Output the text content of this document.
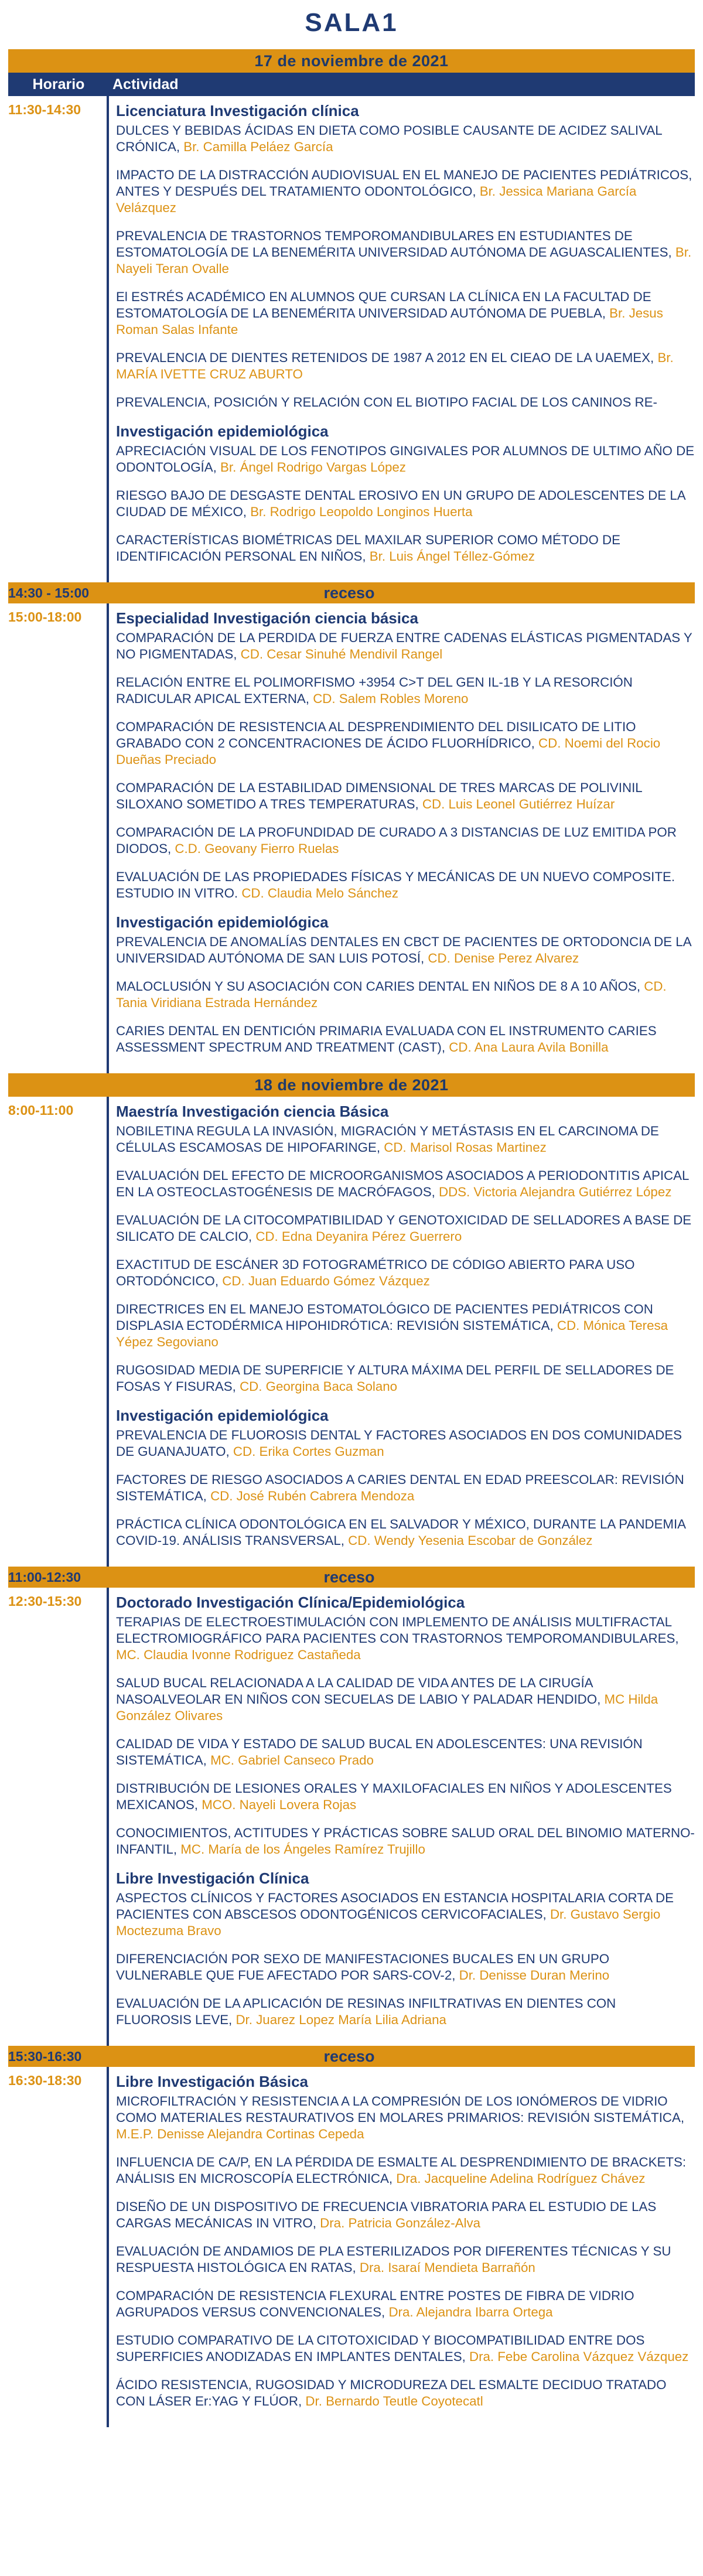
SALA1
17 de noviembre de 2021
Horario	Actividad
11:30-14:30	Licenciatura Investigación clínica
DULCES Y BEBIDAS ÁCIDAS EN DIETA COMO POSIBLE CAUSANTE DE ACIDEZ SALIVAL CRÓNICA, Br. Camilla Peláez García
IMPACTO DE LA DISTRACCIÓN AUDIOVISUAL EN EL MANEJO DE PACIENTES PEDIÁTRICOS, ANTES Y DESPUÉS DEL TRATAMIENTO ODONTOLÓGICO, Br. Jessica Mariana García Velázquez
PREVALENCIA DE TRASTORNOS TEMPOROMANDIBULARES EN ESTUDIANTES DE ESTOMATOLOGÍA DE LA BENEMÉRITA UNIVERSIDAD AUTÓNOMA DE AGUASCALIENTES, Br. Nayeli Teran Ovalle
El ESTRÉS ACADÉMICO EN ALUMNOS QUE CURSAN LA CLÍNICA EN LA FACULTAD DE ESTOMATOLOGÍA DE LA BENEMÉRITA UNIVERSIDAD AUTÓNOMA DE PUEBLA, Br. Jesus Roman Salas Infante
PREVALENCIA DE DIENTES RETENIDOS DE 1987 A 2012 EN EL CIEAO DE LA UAEMEX, Br. MARÍA IVETTE CRUZ ABURTO
PREVALENCIA, POSICIÓN Y RELACIÓN CON EL BIOTIPO FACIAL DE LOS CANINOS RE-
Investigación epidemiológica
APRECIACIÓN VISUAL DE LOS FENOTIPOS GINGIVALES POR ALUMNOS DE ULTIMO AÑO DE ODONTOLOGÍA, Br. Ángel Rodrigo Vargas López
RIESGO BAJO DE DESGASTE DENTAL EROSIVO EN UN GRUPO DE ADOLESCENTES DE LA CIUDAD DE MÉXICO, Br. Rodrigo Leopoldo Longinos Huerta
CARACTERÍSTICAS BIOMÉTRICAS DEL MAXILAR SUPERIOR COMO MÉTODO DE IDENTIFICACIÓN PERSONAL EN NIÑOS, Br. Luis Ángel Téllez-Gómez
14:30 - 15:00	receso
15:00-18:00	Especialidad Investigación ciencia básica
COMPARACIÓN DE LA PERDIDA DE FUERZA ENTRE CADENAS ELÁSTICAS PIGMENTADAS Y NO PIGMENTADAS, CD. Cesar Sinuhé Mendivil Rangel
RELACIÓN ENTRE EL POLIMORFISMO +3954 C>T DEL GEN IL-1B Y LA RESORCIÓN RADICULAR APICAL EXTERNA, CD. Salem Robles Moreno
COMPARACIÓN DE RESISTENCIA AL DESPRENDIMIENTO DEL DISILICATO DE LITIO GRABADO CON 2 CONCENTRACIONES DE ÁCIDO FLUORHÍDRICO, CD. Noemi del Rocio Dueñas Preciado
COMPARACIÓN DE LA ESTABILIDAD DIMENSIONAL DE TRES MARCAS DE POLIVINIL SILOXANO SOMETIDO A TRES TEMPERATURAS, CD. Luis Leonel Gutiérrez Huízar
COMPARACIÓN DE LA PROFUNDIDAD DE CURADO A 3 DISTANCIAS DE LUZ EMITIDA POR DIODOS, C.D. Geovany Fierro Ruelas
EVALUACIÓN DE LAS PROPIEDADES FÍSICAS Y MECÁNICAS DE UN NUEVO COMPOSITE. ESTUDIO IN VITRO. CD. Claudia Melo Sánchez
Investigación epidemiológica
PREVALENCIA DE ANOMALÍAS DENTALES EN CBCT DE PACIENTES DE ORTODONCIA DE LA UNIVERSIDAD AUTÓNOMA DE SAN LUIS POTOSÍ, CD. Denise Perez Alvarez
MALOCLUSIÓN Y SU ASOCIACIÓN CON CARIES DENTAL EN NIÑOS DE 8 A 10 AÑOS, CD. Tania Viridiana Estrada Hernández
CARIES DENTAL EN DENTICIÓN PRIMARIA EVALUADA CON EL INSTRUMENTO CARIES ASSESSMENT SPECTRUM AND TREATMENT (CAST), CD. Ana Laura Avila Bonilla
18 de noviembre de 2021
8:00-11:00	Maestría Investigación ciencia Básica
NOBILETINA REGULA LA INVASIÓN, MIGRACIÓN Y METÁSTASIS EN EL CARCINOMA DE CÉLULAS ESCAMOSAS DE HIPOFARINGE, CD. Marisol Rosas Martinez
EVALUACIÓN DEL EFECTO DE MICROORGANISMOS ASOCIADOS A PERIODONTITIS APICAL EN LA OSTEOCLASTOGÉNESIS DE MACRÓFAGOS, DDS. Victoria Alejandra Gutiérrez López
EVALUACIÓN DE LA CITOCOMPATIBILIDAD Y GENOTOXICIDAD DE SELLADORES A BASE DE SILICATO DE CALCIO, CD. Edna Deyanira Pérez Guerrero
EXACTITUD DE ESCÁNER 3D FOTOGRAMÉTRICO DE CÓDIGO ABIERTO PARA USO ORTODÓNCICO, CD. Juan Eduardo Gómez Vázquez
DIRECTRICES EN EL MANEJO ESTOMATOLÓGICO DE PACIENTES PEDIÁTRICOS CON DISPLASIA ECTODÉRMICA HIPOHIDRÓTICA: REVISIÓN SISTEMÁTICA, CD. Mónica Teresa Yépez Segoviano
RUGOSIDAD MEDIA DE SUPERFICIE Y ALTURA MÁXIMA DEL PERFIL DE SELLADORES DE FOSAS Y FISURAS, CD. Georgina Baca Solano
Investigación epidemiológica
PREVALENCIA DE FLUOROSIS DENTAL Y FACTORES ASOCIADOS EN DOS COMUNIDADES DE GUANAJUATO, CD. Erika Cortes Guzman
FACTORES DE RIESGO ASOCIADOS A CARIES DENTAL EN EDAD PREESCOLAR: REVISIÓN SISTEMÁTICA, CD. José Rubén Cabrera Mendoza
PRÁCTICA CLÍNICA ODONTOLÓGICA EN EL SALVADOR Y MÉXICO, DURANTE LA PANDEMIA COVID-19. ANÁLISIS TRANSVERSAL, CD. Wendy Yesenia Escobar de González
11:00-12:30	receso
12:30-15:30	Doctorado Investigación Clínica/Epidemiológica
TERAPIAS DE ELECTROESTIMULACIÓN CON IMPLEMENTO DE ANÁLISIS MULTIFRACTAL ELECTROMIOGRÁFICO PARA PACIENTES CON TRASTORNOS TEMPOROMANDIBULARES, MC. Claudia Ivonne Rodriguez Castañeda
SALUD BUCAL RELACIONADA A LA CALIDAD DE VIDA ANTES DE LA CIRUGÍA NASOALVEOLAR EN NIÑOS CON SECUELAS DE LABIO Y PALADAR HENDIDO, MC Hilda González Olivares
CALIDAD DE VIDA Y ESTADO DE SALUD BUCAL EN ADOLESCENTES: UNA REVISIÓN SISTEMÁTICA, MC. Gabriel Canseco Prado
DISTRIBUCIÓN DE LESIONES ORALES Y MAXILOFACIALES EN NIÑOS Y ADOLESCENTES MEXICANOS, MCO. Nayeli Lovera Rojas
CONOCIMIENTOS, ACTITUDES Y PRÁCTICAS SOBRE SALUD ORAL DEL BINOMIO MATERNO-INFANTIL, MC. María de los Ángeles Ramírez Trujillo
Libre Investigación Clínica
ASPECTOS CLÍNICOS Y FACTORES ASOCIADOS EN ESTANCIA HOSPITALARIA CORTA DE PACIENTES CON ABSCESOS ODONTOGÉNICOS CERVICOFACIALES, Dr. Gustavo Sergio Moctezuma Bravo
DIFERENCIACIÓN POR SEXO DE MANIFESTACIONES BUCALES EN UN GRUPO VULNERABLE QUE FUE AFECTADO POR SARS-COV-2, Dr. Denisse Duran Merino
EVALUACIÓN DE LA APLICACIÓN DE RESINAS INFILTRATIVAS EN DIENTES CON FLUOROSIS LEVE, Dr. Juarez Lopez María Lilia Adriana
15:30-16:30	receso
16:30-18:30	Libre Investigación Básica
MICROFILTRACIÓN Y RESISTENCIA A LA COMPRESIÓN DE LOS IONÓMEROS DE VIDRIO COMO MATERIALES RESTAURATIVOS EN MOLARES PRIMARIOS: REVISIÓN SISTEMÁTICA, M.E.P. Denisse Alejandra Cortinas Cepeda
INFLUENCIA DE CA/P, EN LA PÉRDIDA DE ESMALTE AL DESPRENDIMIENTO DE BRACKETS: ANÁLISIS EN MICROSCOPÍA ELECTRÓNICA, Dra. Jacqueline Adelina Rodríguez Chávez
DISEÑO DE UN DISPOSITIVO DE FRECUENCIA VIBRATORIA PARA EL ESTUDIO DE LAS CARGAS MECÁNICAS IN VITRO, Dra. Patricia González-Alva
EVALUACIÓN DE ANDAMIOS DE PLA ESTERILIZADOS POR DIFERENTES TÉCNICAS Y SU RESPUESTA HISTOLÓGICA EN RATAS, Dra. Isaraí Mendieta Barrañón
COMPARACIÓN DE RESISTENCIA FLEXURAL ENTRE POSTES DE FIBRA DE VIDRIO AGRUPADOS VERSUS CONVENCIONALES, Dra. Alejandra Ibarra Ortega
ESTUDIO COMPARATIVO DE LA CITOTOXICIDAD Y BIOCOMPATIBILIDAD ENTRE DOS SUPERFICIES ANODIZADAS EN IMPLANTES DENTALES, Dra. Febe Carolina Vázquez Vázquez
ÁCIDO RESISTENCIA, RUGOSIDAD Y MICRODUREZA DEL ESMALTE DECIDUO TRATADO CON LÁSER Er:YAG Y FLÚOR, Dr. Bernardo Teutle Coyotecatl
